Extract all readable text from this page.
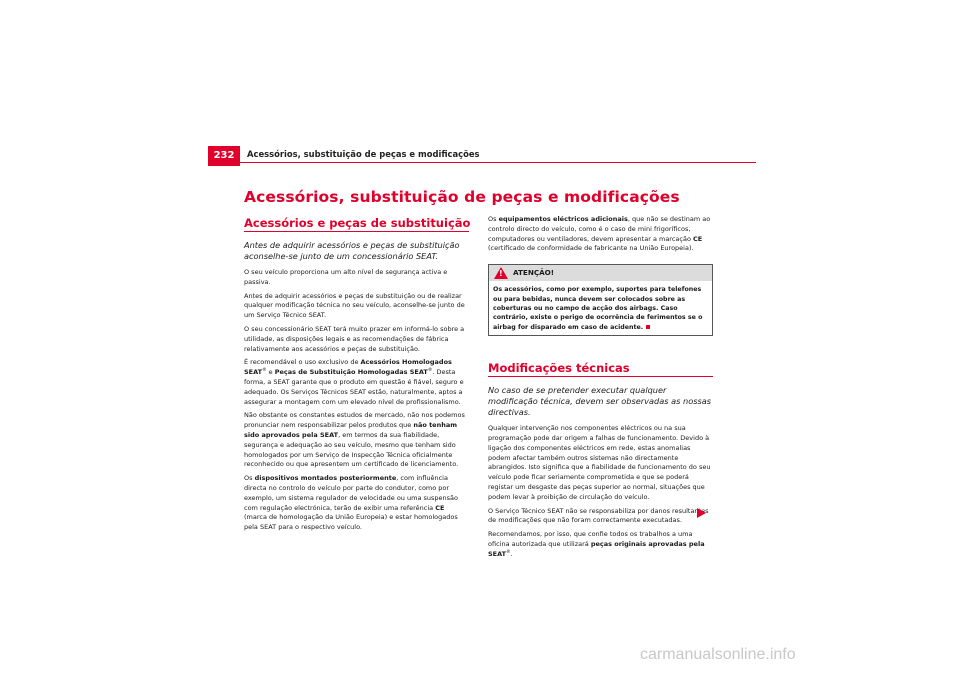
232	Acessórios, substituição de peças e modificações
Acessórios, substituição de peças e modificações
Acessórios e peças de substituição
Antes de adquirir acessórios e peças de substituição aconselhe-se junto de um concessionário SEAT.

O seu veículo proporciona um alto nível de segurança activa e passiva.

Antes de adquirir acessórios e peças de substituição ou de realizar qualquer modificação técnica no seu veículo, aconselhe-se junto de um Serviço Técnico SEAT.

O seu concessionário SEAT terá muito prazer em informá-lo sobre a utilidade, as disposições legais e as recomendações de fábrica relativamente aos acessórios e peças de substituição.

É recomendável o uso exclusivo de Acessórios Homologados SEAT® e Peças de Substituição Homologadas SEAT®. Desta forma, a SEAT garante que o produto em questão é fiável, seguro e adequado. Os Serviços Técnicos SEAT estão, naturalmente, aptos a assegurar a montagem com um elevado nível de profissionalismo.

Não obstante os constantes estudos de mercado, não nos podemos pronunciar nem responsabilizar pelos produtos que não tenham sido aprovados pela SEAT, em termos da sua fiabilidade, segurança e adequação ao seu veículo, mesmo que tenham sido homologados por um Serviço de Inspecção Técnica oficialmente reconhecido ou que apresentem um certificado de licenciamento.

Os dispositivos montados posteriormente, com influência directa no controlo do veículo por parte do condutor, como por exemplo, um sistema regulador de velocidade ou uma suspensão com regulação electrónica, terão de exibir uma referência CE (marca de homologação da União Europeia) e estar homologados pela SEAT para o respectivo veículo.

Os equipamentos eléctricos adicionais, que não se destinam ao controlo directo do veículo, como é o caso de mini frigoríficos, computadores ou ventiladores, devem apresentar a marcação CE (certificado de conformidade de fabricante na União Europeia).

!
ATENÇÃO!
Os acessórios, como por exemplo, suportes para telefones ou para bebidas, nunca devem ser colocados sobre as coberturas ou no campo de acção dos airbags. Caso contrário, existe o perigo de ocorrência de ferimentos se o airbag for disparado em caso de acidente.
Modificações técnicas
No caso de se pretender executar qualquer modificação técnica, devem ser observadas as nossas directivas.

Qualquer intervenção nos componentes eléctricos ou na sua programação pode dar origem a falhas de funcionamento. Devido à ligação dos componentes eléctricos em rede, estas anomalias podem afectar também outros sistemas não directamente abrangidos. Isto significa que a fiabilidade de funcionamento do seu veículo pode ficar seriamente comprometida e que se poderá registar um desgaste das peças superior ao normal, situações que podem levar à proibição de circulação do veículo.

O Serviço Técnico SEAT não se responsabiliza por danos resultantes de modificações que não foram correctamente executadas.

Recomendamos, por isso, que confie todos os trabalhos a uma oficina autorizada que utilizará peças originais aprovadas pela SEAT®.

carmanualsonline.info
